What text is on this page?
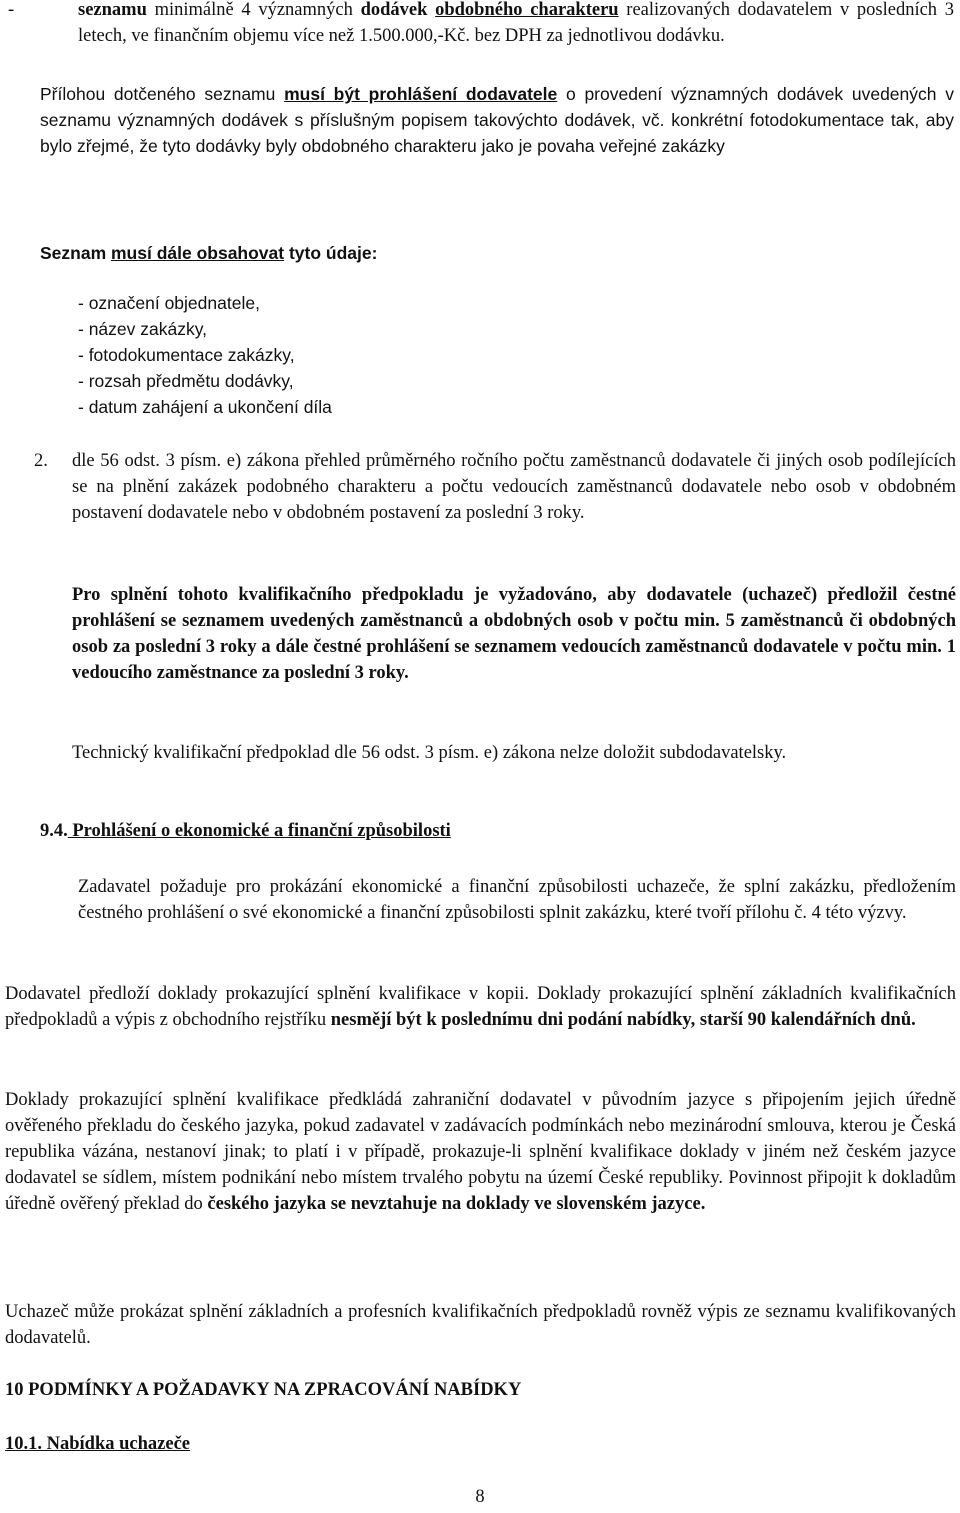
-	seznamu minimálně 4 významných dodávek obdobného charakteru realizovaných dodavatelem v posledních 3 letech, ve finančním objemu více než 1.500.000,-Kč. bez DPH za jednotlivou dodávku.
Přílohou dotčeného seznamu musí být prohlášení dodavatele o provedení významných dodávek uvedených v seznamu významných dodávek s příslušným popisem takovýchto dodávek, vč. konkrétní fotodokumentace tak, aby bylo zřejmé, že tyto dodávky byly obdobného charakteru jako je povaha veřejné zakázky
Seznam musí dále obsahovat tyto údaje:
- označení objednatele,
- název zakázky,
- fotodokumentace zakázky,
- rozsah předmětu dodávky,
- datum zahájení a ukončení díla
2. dle 56 odst. 3 písm. e) zákona přehled průměrného ročního počtu zaměstnanců dodavatele či jiných osob podílejících se na plnění zakázek podobného charakteru a počtu vedoucích zaměstnanců dodavatele nebo osob v obdobném postavení dodavatele nebo v obdobném postavení za poslední 3 roky.
Pro splnění tohoto kvalifikačního předpokladu je vyžadováno, aby dodavatele (uchazeč) předložil čestné prohlášení se seznamem uvedených zaměstnanců a obdobných osob v počtu min. 5 zaměstnanců či obdobných osob za poslední 3 roky a dále čestné prohlášení se seznamem vedoucích zaměstnanců dodavatele v počtu min. 1 vedoucího zaměstnance za poslední 3 roky.
Technický kvalifikační předpoklad dle 56 odst. 3 písm. e) zákona nelze doložit subdodavatelsky.
9.4. Prohlášení o ekonomické a finanční způsobilosti
Zadavatel požaduje pro prokázání ekonomické a finanční způsobilosti uchazeče, že splní zakázku, předložením čestného prohlášení o své ekonomické a finanční způsobilosti splnit zakázku, které tvoří přílohu č. 4 této výzvy.
Dodavatel předloží doklady prokazující splnění kvalifikace v kopii. Doklady prokazující splnění základních kvalifikačních předpokladů a výpis z obchodního rejstříku nesmějí být k poslednímu dni podání nabídky, starší 90 kalendářních dnů.
Doklady prokazující splnění kvalifikace předkládá zahraniční dodavatel v původním jazyce s připojením jejich úředně ověřeného překladu do českého jazyka, pokud zadavatel v zadávacích podmínkách nebo mezinárodní smlouva, kterou je Česká republika vázána, nestanoví jinak; to platí i v případě, prokazuje-li splnění kvalifikace doklady v jiném než českém jazyce dodavatel se sídlem, místem podnikání nebo místem trvalého pobytu na území České republiky. Povinnost připojit k dokladům úředně ověřený překlad do českého jazyka se nevztahuje na doklady ve slovenském jazyce.
Uchazeč může prokázat splnění základních a profesních kvalifikačních předpokladů rovněž výpis ze seznamu kvalifikovaných dodavatelů.
10 PODMÍNKY A POŽADAVKY NA ZPRACOVÁNÍ NABÍDKY
10.1. Nabídka uchazeče
8
